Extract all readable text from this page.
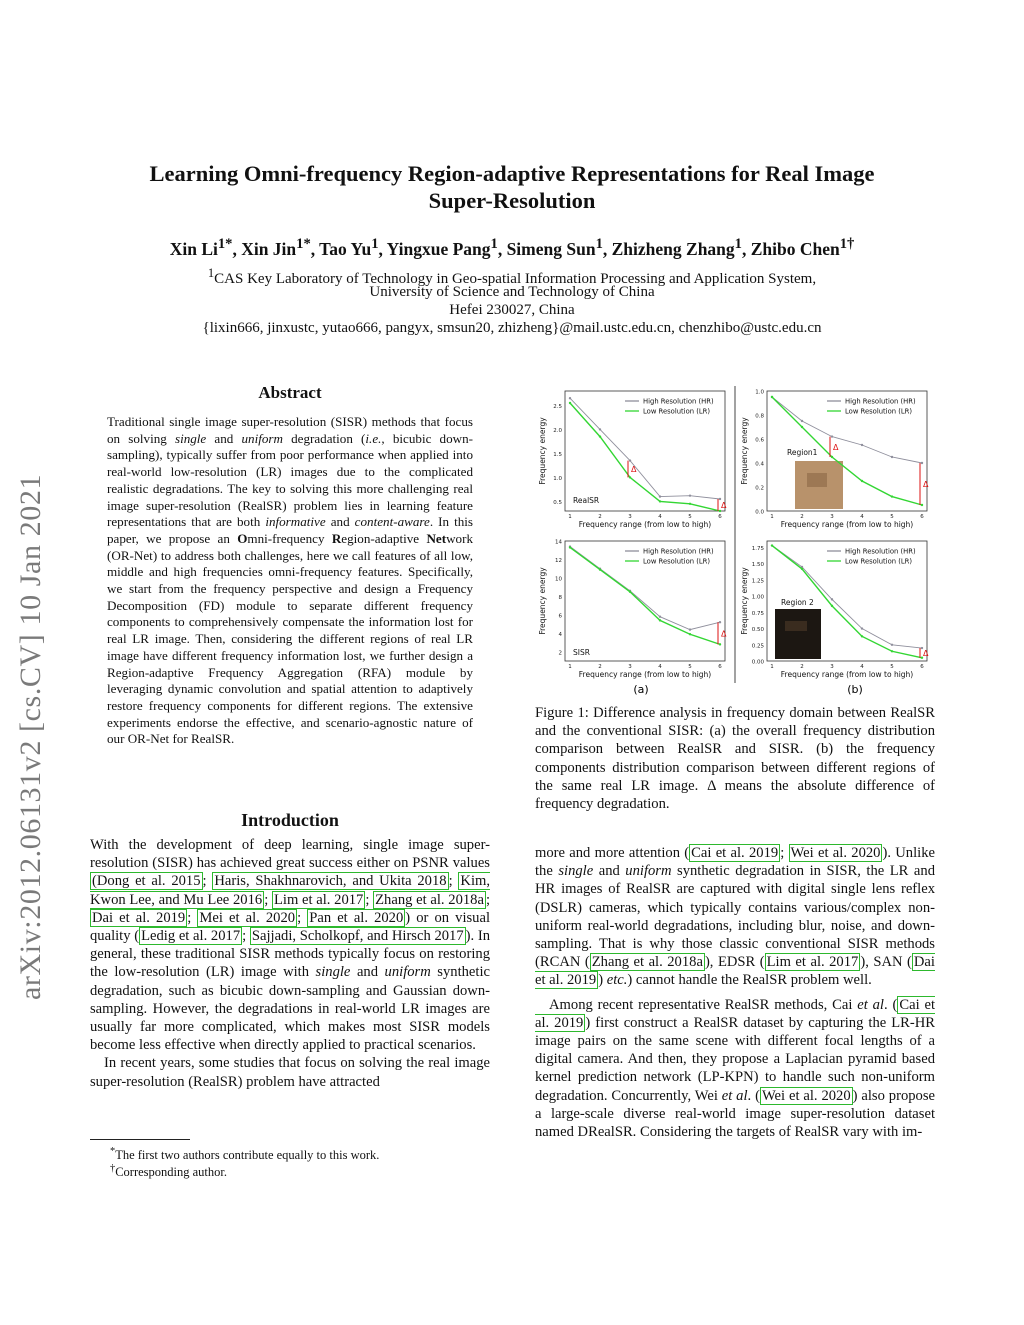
arXiv:2012.06131v2 [cs.CV] 10 Jan 2021
Learning Omni-frequency Region-adaptive Representations for Real Image
Super-Resolution
Xin $Li^{1*}$, Xin Jin$^{1*}$, Tao Yu$^1$, Yingxue Pang$^1$, Simeng Sun$^1$, Zhizheng Zhang$^1$, Zhibo Chen$^{1\dagger}$
$^1$CAS Key Laboratory of Technology in Geo-spatial Information Processing and Application System,
University of Science and Technology of China
Hefei 230027, China
{lixin666, jinxustc, yutao666, pangyx, smsun20, zhizheng}@mail.ustc.edu.cn, chenzhibo@ustc.edu.cn
Abstract
Traditional single image super-resolution (SISR) methods that focus on solving single and uniform degradation (i.e., bicubic down-sampling), typically suffer from poor performance when applied into real-world low-resolution (LR) images due to the complicated realistic degradations. The key to solving this more challenging real image super-resolution (RealSR) problem lies in learning feature representations that are both informative and content-aware. In this paper, we propose an Omni-frequency Region-adaptive Network (OR-Net) to address both challenges, here we call features of all low, middle and high frequencies omni-frequency features. Specifically, we start from the frequency perspective and design a Frequency Decomposition (FD) module to separate different frequency components to comprehensively compensate the information lost for real LR image. Then, considering the different regions of real LR image have different frequency information lost, we further design a Region-adaptive Frequency Aggregation (RFA) module by leveraging dynamic convolution and spatial attention to adaptively restore frequency components for different regions. The extensive experiments endorse the effective, and scenario-agnostic nature of our OR-Net for RealSR.
Introduction

With the development of deep learning, single image super-resolution (SISR) has achieved great success either on PSNR values (Dong et al. 2015 ; Haris, Shakhnarovich, and Ukita 2018 ; Kim, Kwon Lee, and Mu Lee 2016 ; Lim et al. 2017 ; Zhang et al. 2018a ; Dai et al. 2019 ; Mei et al. 2020 ; Pan et al. 2020 ) or on visual quality ( Ledig et al. 2017 ; Sajjadi, Scholkopf, and Hirsch 2017 ). In general, these traditional SISR methods typically focus on restoring the low-resolution (LR) image with single and uniform synthetic degradation, such as bicubic down-sampling and Gaussian down-sampling. However, the degradations in real-world LR images are usually far more complicated, which makes most SISR models become less effective when directly applied to practical scenarios.

In recent years, some studies that focus on solving the real image super-resolution (RealSR) problem have attracted

*The first two authors contribute equally to this work.
†Corresponding author.
0.5
1.0
1.5
2.0
2.5
1	2	3	4	5	6
Frequency range (from low to high)
Frequency energy	Δ
Δ
High Resolution (HR)
Low Resolution (LR)
RealSR
0.0
0.2
0.4
0.6
0.8
1.0
1	2	3	4	5	6
Frequency range (from low to high)
Frequency energy	Δ
Δ
High Resolution (HR)
Low Resolution (LR)
Region1
2
4
6
8
10
12
14
1	2	3	4	5	6
Frequency range (from low to high)
Frequency energy	Δ
High Resolution (HR)
Low Resolution (LR)
SISR
0.00
0.25
0.50
0.75
1.00
1.25
1.50
1.75
1	2	3	4	5	6
Frequency range (from low to high)
Frequency energy
Δ
High Resolution (HR)
Low Resolution (LR)
Region 2
(a)	(b)
Figure 1: Difference analysis in frequency domain between RealSR and the conventional SISR: (a) the overall frequency distribution comparison between RealSR and SISR. (b) the frequency components distribution comparison between different regions of the same real LR image. Δ means the absolute difference of frequency degradation.

more and more attention ( Cai et al. 2019 ; Wei et al. 2020 ). Unlike the single and uniform synthetic degradation in SISR, the LR and HR images of RealSR are captured with digital single lens reflex (DSLR) cameras, which typically contains various/complex non-uniform real-world degradations, including blur, noise, and down-sampling. That is why those classic conventional SISR methods (RCAN ( Zhang et al. 2018a ), EDSR ( Lim et al. 2017 ), SAN ( Dai et al. 2019 ) etc.) cannot handle the RealSR problem well.

Among recent representative RealSR methods, Cai et al. ( Cai et al. 2019 ) first construct a RealSR dataset by capturing the LR-HR image pairs on the same scene with different focal lengths of a digital camera. And then, they propose a Laplacian pyramid based kernel prediction network (LP-KPN) to handle such non-uniform degradation. Concurrently, Wei et al. ( Wei et al. 2020 ) also propose a large-scale diverse real-world image super-resolution dataset named DRealSR. Considering the targets of RealSR vary with im-
